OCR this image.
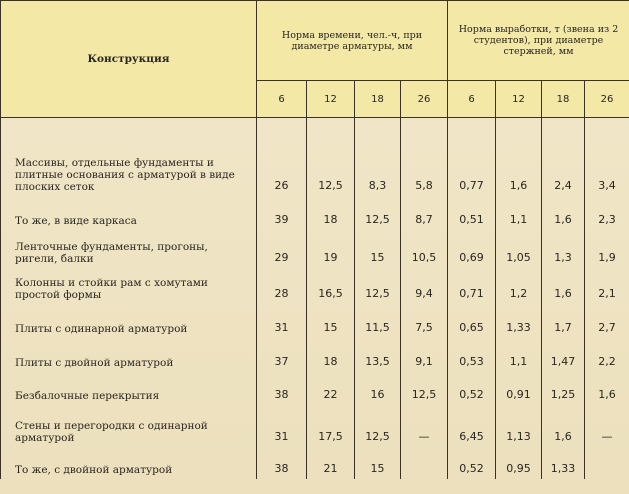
Конструкция	Норма времени, чел.-ч, при диаметре арматуры, мм				Норма выработки, т (звена из 2 студентов), при диаметре стержней, мм			
	6	12	18	26	6	12	18	26

Массивы, отдельные фундаменты и плитные основания с арматурой в виде плоских сеток	26	12,5	8,3	5,8	0,77	1,6	2,4	3,4

То же, в виде каркаса	39	18	12,5	8,7	0,51	1,1	1,6	2,3

Ленточные фундаменты, прогоны, ригели, балки	29	19	15	10,5	0,69	1,05	1,3	1,9

Колонны и стойки рам с хомутами простой формы	28	16,5	12,5	9,4	0,71	1,2	1,6	2,1

Плиты с одинарной арматурой	31	15	11,5	7,5	0,65	1,33	1,7	2,7

Плиты с двойной арматурой	37	18	13,5	9,1	0,53	1,1	1,47	2,2

Безбалочные перекрытия	38	22	16	12,5	0,52	0,91	1,25	1,6

Стены и перегородки с одинарной арматурой	31	17,5	12,5	—	6,45	1,13	1,6	—

То же, с двойной арматурой	38	21	15		0,52	0,95	1,33	
